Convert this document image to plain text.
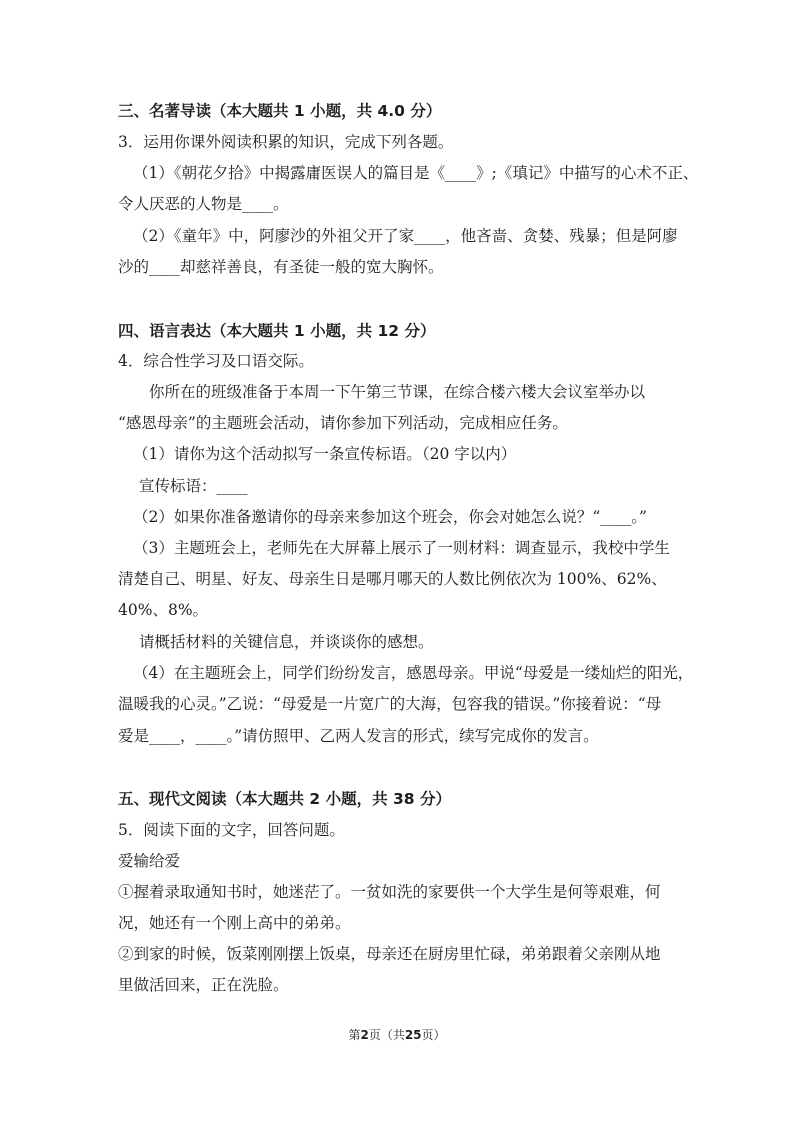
三、名著导读（本大题共 1 小题，共 4.0 分）
3．运用你课外阅读积累的知识，完成下列各题。
（1）《朝花夕拾》中揭露庸医误人的篇目是《____》;《瑱记》中描写的心术不正、
令人厌恶的人物是____。
（2）《童年》中，阿廖沙的外祖父开了家____，他吝啬、贪婪、残暴；但是阿廖
沙的____却慈祥善良，有圣徒一般的宽大胸怀。
四、语言表达（本大题共 1 小题，共 12 分）
4．综合性学习及口语交际。
你所在的班级准备于本周一下午第三节课，在综合楼六楼大会议室举办以
“感恩母亲”的主题班会活动，请你参加下列活动，完成相应任务。
（1）请你为这个活动拟写一条宣传标语。（20 字以内）
宣传标语：____
（2）如果你准备邀请你的母亲来参加这个班会，你会对她怎么说？“____。”
（3）主题班会上，老师先在大屏幕上展示了一则材料：调查显示，我校中学生
清楚自己、明星、好友、母亲生日是哪月哪天的人数比例依次为 100%、62%、
40%、8%。
请概括材料的关键信息，并谈谈你的感想。
（4）在主题班会上，同学们纷纷发言，感恩母亲。甲说“母爱是一缕灿烂的阳光，
温暖我的心灵。”乙说：“母爱是一片宽广的大海，包容我的错误。”你接着说：“母
爱是____，____。”请仿照甲、乙两人发言的形式，续写完成你的发言。
五、现代文阅读（本大题共 2 小题，共 38 分）
5．阅读下面的文字，回答问题。
爱输给爱
①握着录取通知书时，她迷茫了。一贫如洗的家要供一个大学生是何等艰难，何
况，她还有一个刚上高中的弟弟。
②到家的时候，饭菜刚刚摆上饭桌，母亲还在厨房里忙碌，弟弟跟着父亲刚从地
里做活回来，正在洗脸。
第2页（共25页）
